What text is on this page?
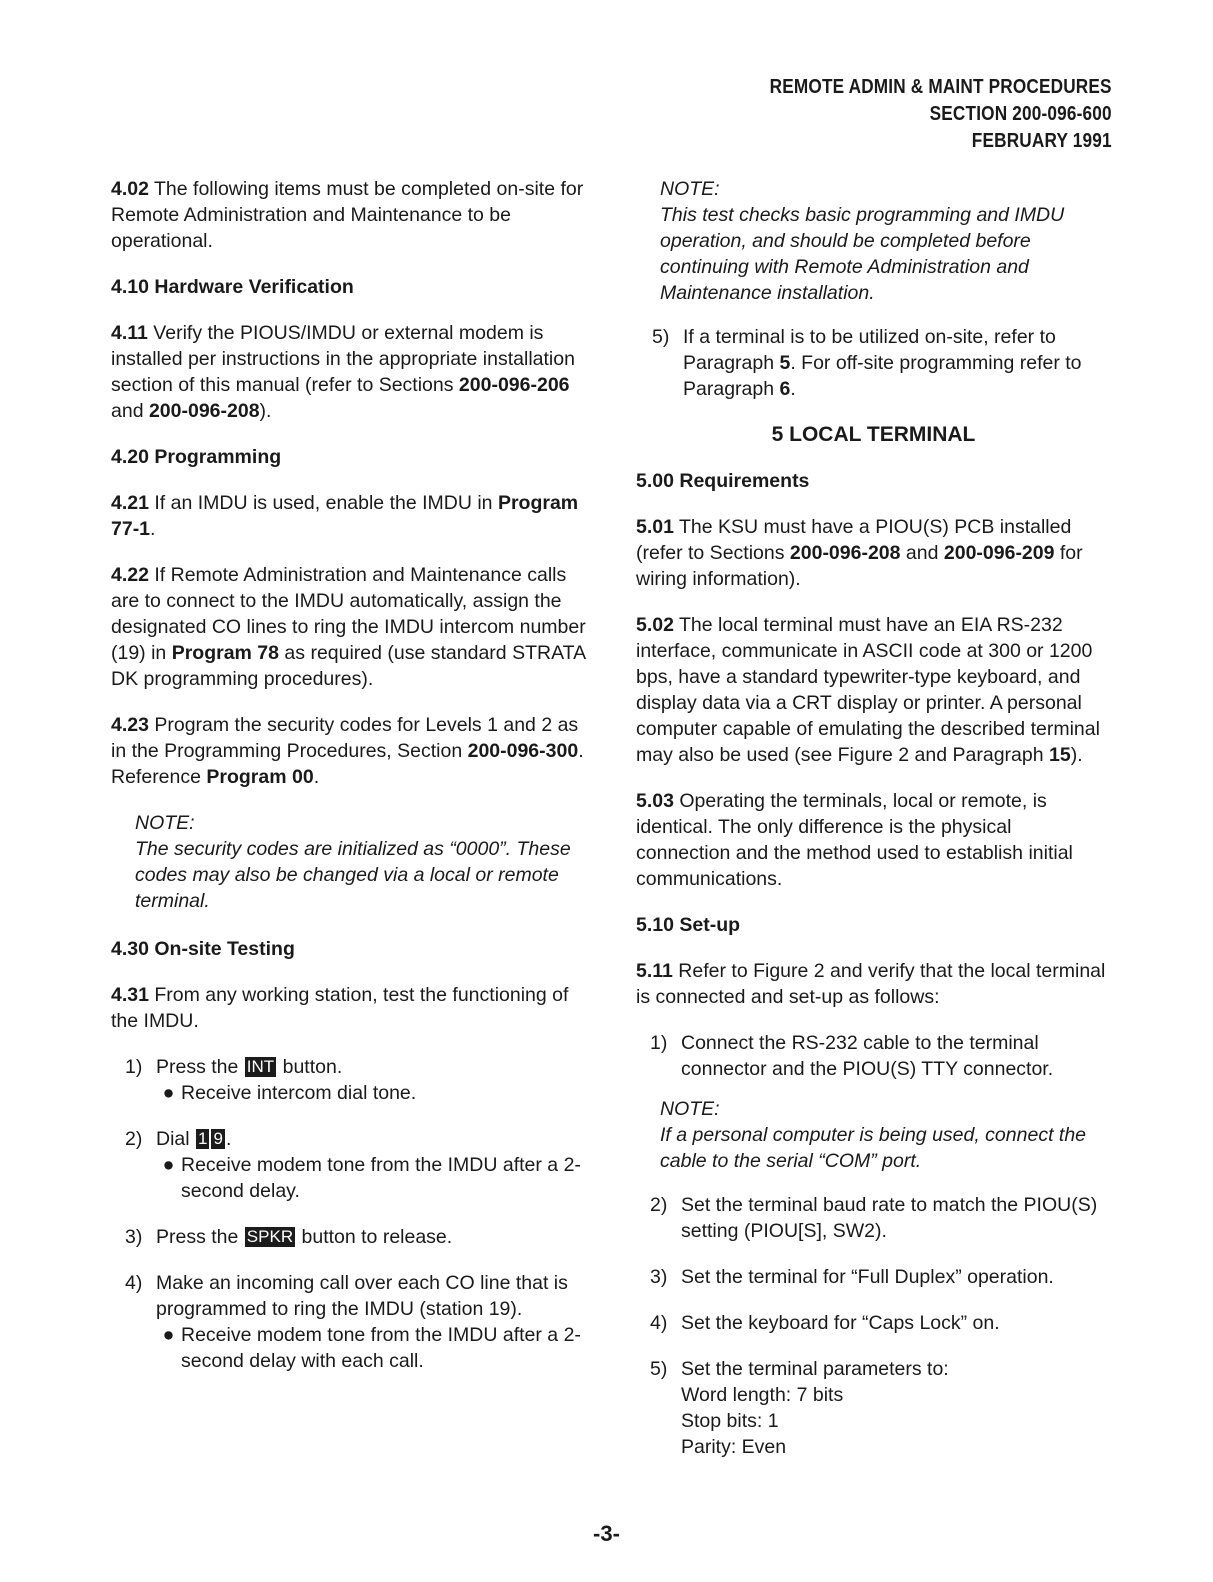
REMOTE ADMIN & MAINT PROCEDURES
SECTION 200-096-600
FEBRUARY 1991

4.02 The following items must be completed on-site for Remote Administration and Maintenance to be operational.

4.10 Hardware Verification

4.11 Verify the PIOUS/IMDU or external modem is installed per instructions in the appropriate installation section of this manual (refer to Sections 200-096-206 and 200-096-208).

4.20 Programming

4.21 If an IMDU is used, enable the IMDU in Program 77-1.

4.22 If Remote Administration and Maintenance calls are to connect to the IMDU automatically, assign the designated CO lines to ring the IMDU intercom number (19) in Program 78 as required (use standard STRATA DK programming procedures).

4.23 Program the security codes for Levels 1 and 2 as in the Programming Procedures, Section 200-096-300. Reference Program 00.

NOTE:
The security codes are initialized as “0000”. These codes may also be changed via a local or remote terminal.

4.30 On-site Testing

4.31 From any working station, test the functioning of the IMDU.

1) Press the INT button.
● Receive intercom dial tone.
2) Dial 1 9 .
● Receive modem tone from the IMDU after a 2-second delay.
3) Press the SPKR button to release.
4) Make an incoming call over each CO line that is programmed to ring the IMDU (station 19).
● Receive modem tone from the IMDU after a 2-second delay with each call.
NOTE:
This test checks basic programming and IMDU operation, and should be completed before continuing with Remote Administration and Maintenance installation.
5) If a terminal is to be utilized on-site, refer to Paragraph 5. For off-site programming refer to Paragraph 6.

5 LOCAL TERMINAL

5.00 Requirements

5.01 The KSU must have a PIOU(S) PCB installed (refer to Sections 200-096-208 and 200-096-209 for wiring information).

5.02 The local terminal must have an EIA RS-232 interface, communicate in ASCII code at 300 or 1200 bps, have a standard typewriter-type keyboard, and display data via a CRT display or printer. A personal computer capable of emulating the described terminal may also be used (see Figure 2 and Paragraph 15).

5.03 Operating the terminals, local or remote, is identical. The only difference is the physical connection and the method used to establish initial communications.

5.10 Set-up

5.11 Refer to Figure 2 and verify that the local terminal is connected and set-up as follows:

1) Connect the RS-232 cable to the terminal connector and the PIOU(S) TTY connector.
NOTE:
If a personal computer is being used, connect the cable to the serial “COM” port.
2) Set the terminal baud rate to match the PIOU(S) setting (PIOU[S], SW2).
3) Set the terminal for “Full Duplex” operation.
4) Set the keyboard for “Caps Lock” on.
5) Set the terminal parameters to:
Word length: 7 bits
Stop bits: 1
Parity: Even
-3-
